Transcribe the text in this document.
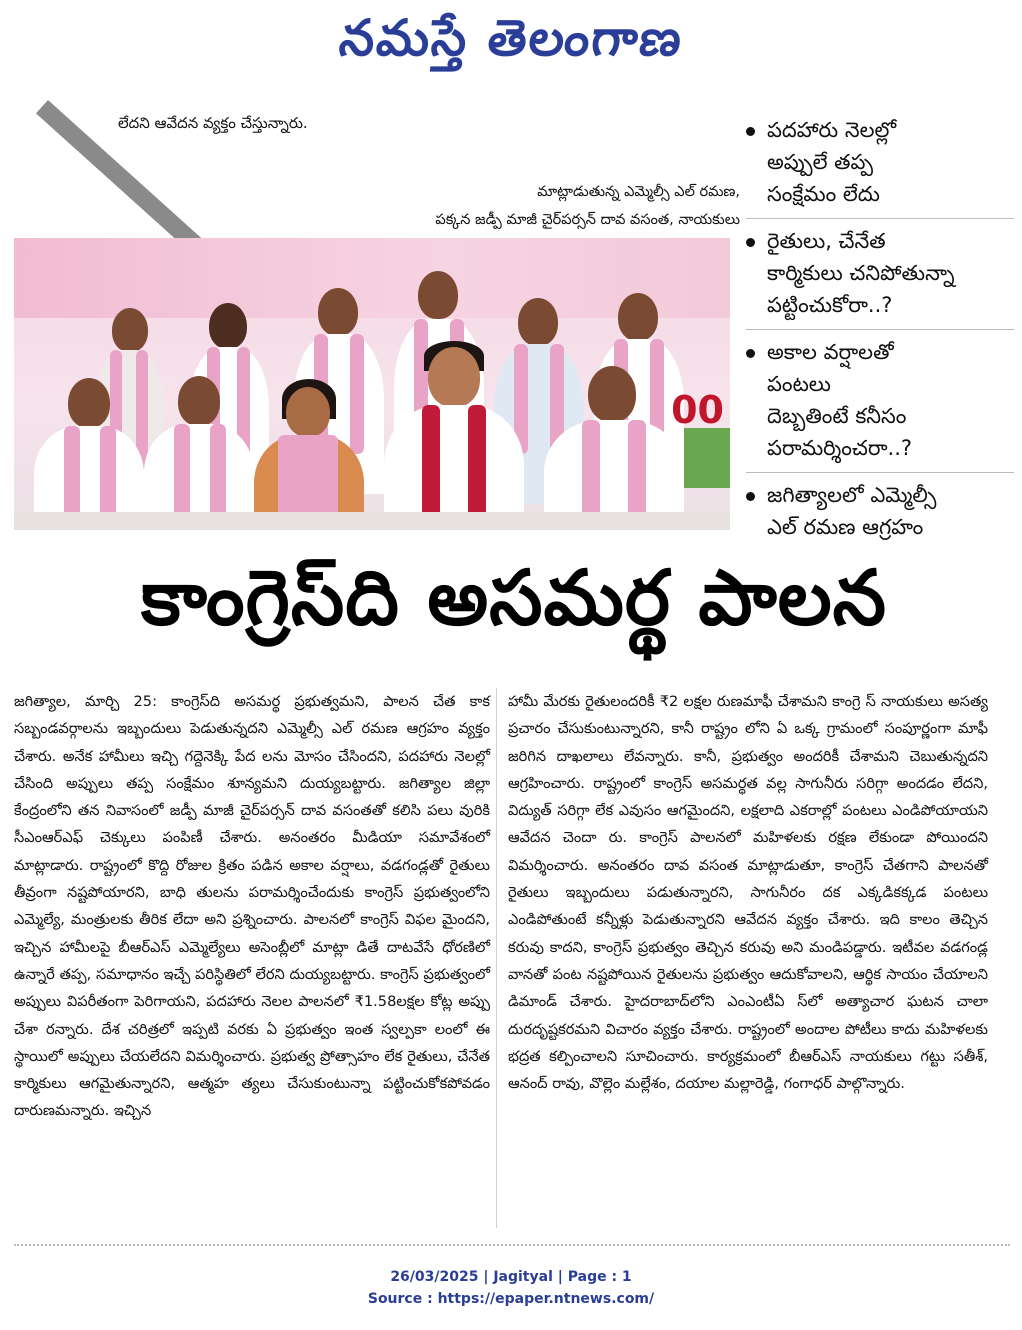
నమస్తే తెలంగాణ
లేదని ఆవేదన వ్యక్తం చేస్తున్నారు.
మాట్లాడుతున్న ఎమ్మెల్సీ ఎల్ రమణ,
పక్కన జడ్పీ మాజీ చైర్‌పర్సన్ దావ వసంత, నాయకులు
00
పదహారు నెలల్లో
అప్పులే తప్ప
సంక్షేమం లేదు
రైతులు, చేనేత
కార్మికులు చనిపోతున్నా
పట్టించుకోరా..?
అకాల వర్షాలతో
పంటలు
దెబ్బతింటే కనీసం
పరామర్శించరా..?
జగిత్యాలలో ఎమ్మెల్సీ
ఎల్ రమణ ఆగ్రహం
కాంగ్రెస్‌ది అసమర్థ పాలన

జగిత్యాల, మార్చి 25: కాంగ్రెస్‌ది అసమర్థ ప్రభుత్వమని, పాలన చేత కాక సబ్బండవర్గాలను ఇబ్బందులు పెడుతున్నదని ఎమ్మెల్సీ ఎల్ రమణ ఆగ్రహం వ్యక్తం చేశారు. అనేక హామీలు ఇచ్చి గద్దెనెక్కి పేద లను మోసం చేసిందని, పదహారు నెలల్లో చేసింది అప్పులు తప్ప సంక్షేమం శూన్యమని దుయ్యబట్టారు. జగిత్యాల జిల్లా కేంద్రంలోని తన నివాసంలో జడ్పీ మాజీ చైర్‌పర్సన్ దావ వసంతతో కలిసి పలు వురికి సీఎంఆర్ఎఫ్ చెక్కులు పంపిణీ చేశారు. అనంతరం మీడియా సమావేశంలో మాట్లాడారు. రాష్ట్రంలో కొద్ది రోజుల క్రితం పడిన అకాల వర్షాలు, వడగండ్లతో రైతులు తీవ్రంగా నష్టపోయారని, బాధి తులను పరామర్శించేందుకు కాంగ్రెస్ ప్రభుత్వంలోని ఎమ్మెల్యే, మంత్రులకు తీరిక లేదా అని ప్రశ్నించారు. పాలనలో కాంగ్రెస్ విఫల మైందని, ఇచ్చిన హామీలపై బీఆర్ఎస్ ఎమ్మెల్యేలు అసెంబ్లీలో మాట్లా డితే దాటవేసే ధోరణిలో ఉన్నారే తప్ప, సమాధానం ఇచ్చే పరిస్థితిలో లేరని దుయ్యబట్టారు. కాంగ్రెస్ ప్రభుత్వంలో అప్పులు విపరీతంగా పెరిగాయని, పదహారు నెలల పాలనలో ₹1.58లక్షల కోట్ల అప్పు చేశా రన్నారు. దేశ చరిత్రలో ఇప్పటి వరకు ఏ ప్రభుత్వం ఇంత స్వల్పకా లంలో ఈ స్థాయిలో అప్పులు చేయలేదని విమర్శించారు. ప్రభుత్వ ప్రోత్సాహం లేక రైతులు, చేనేత కార్మికులు ఆగమైతున్నారని, ఆత్మహ త్యలు చేసుకుంటున్నా పట్టించుకోకపోవడం దారుణమన్నారు. ఇచ్చిన

హామీ మేరకు రైతులందరికీ ₹2 లక్షల రుణమాఫీ చేశామని కాంగ్రె స్ నాయకులు అసత్య ప్రచారం చేసుకుంటున్నారని, కానీ రాష్ట్రం లోని ఏ ఒక్క గ్రామంలో సంపూర్ణంగా మాఫీ జరిగిన దాఖలాలు లేవన్నారు. కానీ, ప్రభుత్వం అందరికీ చేశామని చెబుతున్నదని ఆగ్రహించారు. రాష్ట్రంలో కాంగ్రెస్ అసమర్థత వల్ల సాగునీరు సరిగ్గా అందడం లేదని, విద్యుత్ సరిగ్గా లేక ఎవుసం ఆగమైందని, లక్షలాది ఎకరాల్లో పంటలు ఎండిపోయాయని ఆవేదన చెందా రు. కాంగ్రెస్ పాలనలో మహిళలకు రక్షణ లేకుండా పోయిందని విమర్శించారు. అనంతరం దావ వసంత మాట్లాడుతూ, కాంగ్రెస్ చేతగాని పాలనతో రైతులు ఇబ్బందులు పడుతున్నారని, సాగునీరం దక ఎక్కడికక్కడ పంటలు ఎండిపోతుంటే కన్నీళ్లు పెడుతున్నారని ఆవేదన వ్యక్తం చేశారు. ఇది కాలం తెచ్చిన కరువు కాదని, కాంగ్రెస్ ప్రభుత్వం తెచ్చిన కరువు అని మండిపడ్డారు. ఇటీవల వడగండ్ల వానతో పంట నష్టపోయిన రైతులను ప్రభుత్వం ఆదుకోవాలని, ఆర్థిక సాయం చేయాలని డిమాండ్ చేశారు. హైదరాబాద్‌లోని ఎంఎంటీఏ స్‌లో అత్యాచార ఘటన చాలా దురదృష్టకరమని విచారం వ్యక్తం చేశారు. రాష్ట్రంలో అందాల పోటీలు కాదు మహిళలకు భద్రత కల్పించాలని సూచించారు. కార్యక్రమంలో బీఆర్ఎస్ నాయకులు గట్టు సతీశ్, ఆనంద్ రావు, వొల్లెం మల్లేశం, దయాల మల్లారెడ్డి, గంగాధర్ పాల్గొన్నారు.

26/03/2025 | Jagityal | Page : 1
Source : https://epaper.ntnews.com/
